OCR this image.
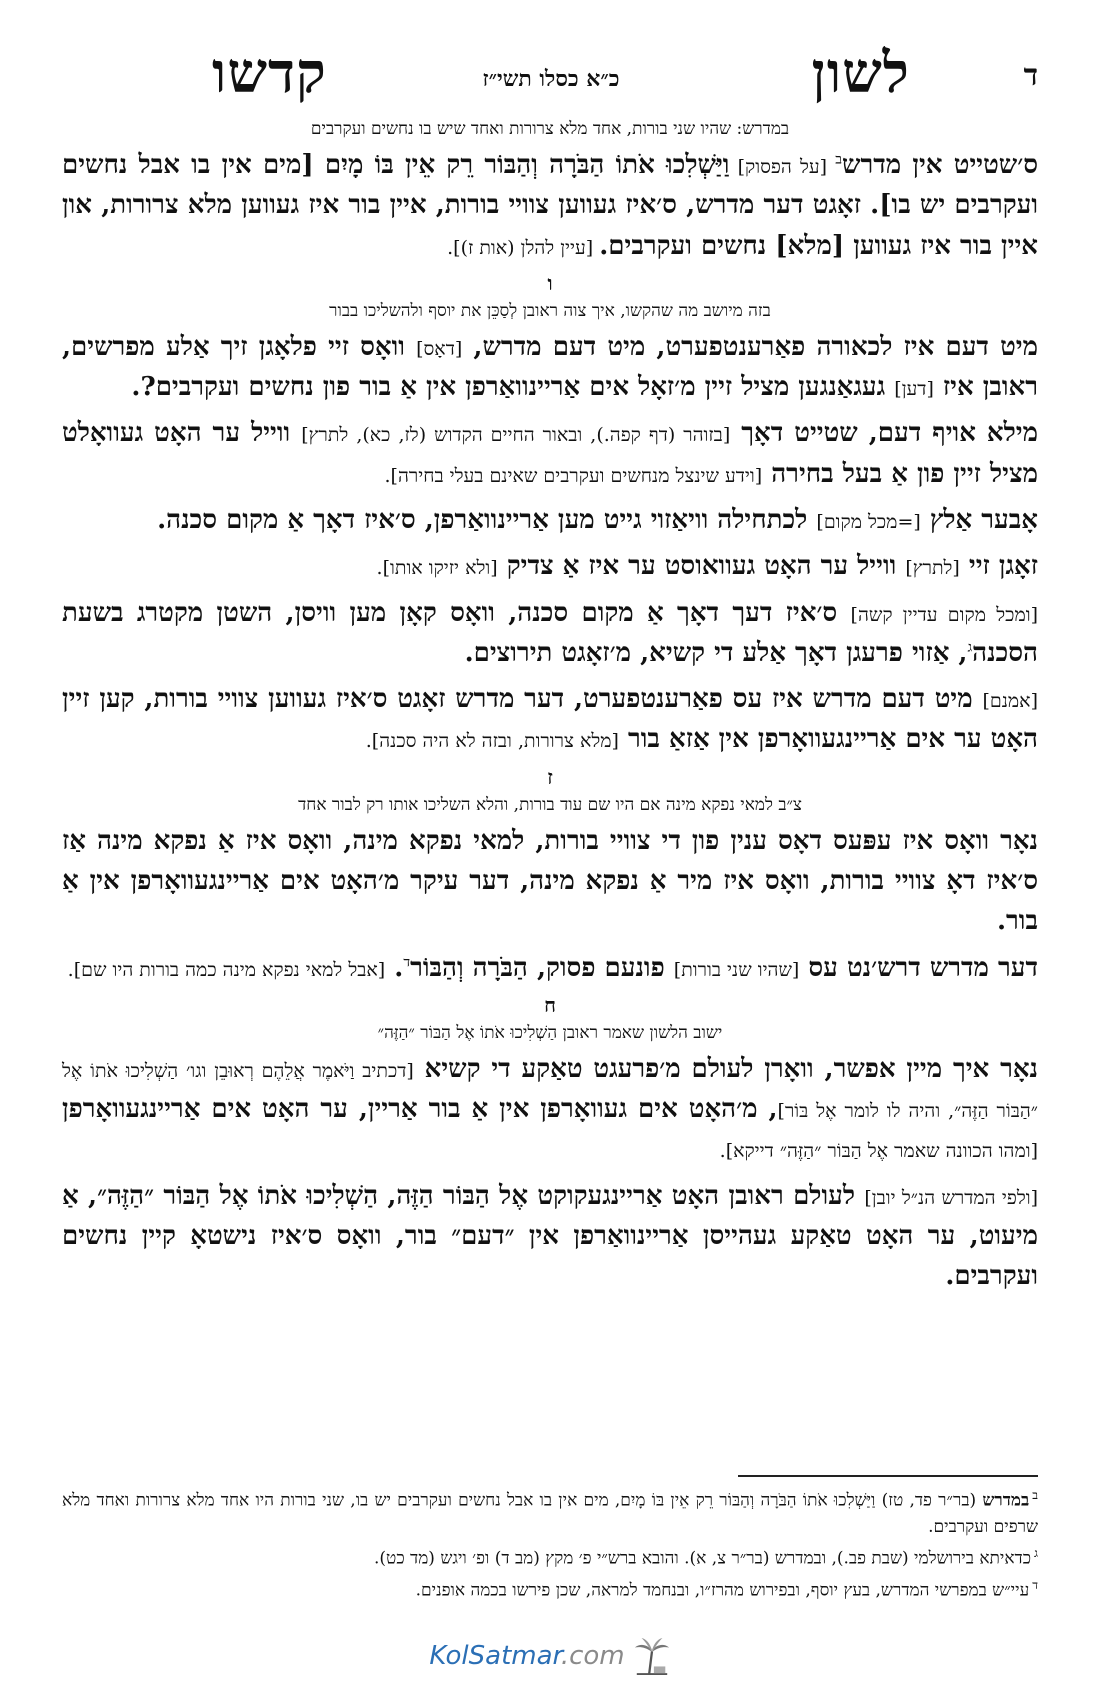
ד
לשון
כ״א כסלו תשי״ז
קדשו
במדרש: שהיו שני בורות, אחד מלא צרורות ואחד שיש בו נחשים ועקרבים

ס׳שטייט אין מדרש$^ב$ [על הפסוק] וַיַּשְׁלִכוּ אֹתוֹ הַבֹּרָה וְהַבּוֹר רֵק אֵין בּוֹ מָיִם [מים אין בו אבל נחשים ועקרבים יש בו]. זאָגט דער מדרש, ס׳איז געווען צוויי בורות, איין בור איז געווען מלא צרורות, און איין בור איז געווען [מלא] נחשים ועקרבים. [עיין להלן (אות ז)].

ו
בזה מיושב מה שהקשו, איך צוה ראובן לְסַכֵּן את יוסף ולהשליכו בבור

מיט דעם איז לכאורה פאַרענטפערט, מיט דעם מדרש, [דאָס] וואָס זיי פלאָגן זיך אַלע מפרשים, ראובן איז [דען] געגאַנגען מציל זיין מ׳זאָל אים אַריינוואַרפן אין אַ בור פון נחשים ועקרבים?.

מילא אויף דעם, שטייט דאָך [בזוהר (דף קפה.), ובאור החיים הקדוש (לז, כא), לתרץ] ווייל ער האָט געוואָלט מציל זיין פון אַ בעל בחירה [וידע שינצל מנחשים ועקרבים שאינם בעלי בחירה].

אָבער אַלץ [=מכל מקום] לכתחילה וויאַזוי גייט מען אַריינוואַרפן, ס׳איז דאָך אַ מקום סכנה.

זאָגן זיי [לתרץ] ווייל ער האָט געוואוסט ער איז אַ צדיק [ולא יזיקו אותו].

[ומכל מקום עדיין קשה] ס׳איז דעך דאָך אַ מקום סכנה, וואָס קאָן מען וויסן, השטן מקטרג בשעת הסכנה$^ג$, אַזוי פרעגן דאָך אַלע די קשיא, מ׳זאָגט תירוצים.

[אמנם] מיט דעם מדרש איז עס פאַרענטפערט, דער מדרש זאָגט ס׳איז געווען צוויי בורות, קען זיין האָט ער אים אַריינגעוואָרפן אין אַזאַ בור [מלא צרורות, ובזה לא היה סכנה].

ז
צ״ב למאי נפקא מינה אם היו שם עוד בורות, והלא השליכו אותו רק לבור אחד

נאָר וואָס איז עפּעס דאָס ענין פון די צוויי בורות, למאי נפקא מינה, וואָס איז אַ נפקא מינה אַז ס׳איז דאָ צוויי בורות, וואָס איז מיר אַ נפקא מינה, דער עיקר מ׳האָט אים אַריינגעוואָרפן אין אַ בור.

דער מדרש דרש׳נט עס [שהיו שני בורות] פונעם פסוק, הַבֹּרָה וְהַבּוֹר$^ד$. [אבל למאי נפקא מינה כמה בורות היו שם].

ח
ישוב הלשון שאמר ראובן הַשְׁלִיכוּ אֹתוֹ אֶל הַבּוֹר ״הַזֶּה״

נאָר איך מיין אפשר, וואָרן לעולם מ׳פרעגט טאַקע די קשיא [דכתיב וַיֹּאמֶר אֲלֵהֶם רְאוּבֵן וגו׳ הַשְׁלִיכוּ אֹתוֹ אֶל ״הַבּוֹר הַזֶּה״, והיה לו לומר אֶל בּוֹר], מ׳האָט אים געוואָרפן אין אַ בור אַריין, ער האָט אים אַריינגעוואָרפן [ומהו הכוונה שאמר אֶל הַבּוֹר ״הַזֶּה״ דייקא].

[ולפי המדרש הנ״ל יובן] לעולם ראובן האָט אַריינגעקוקט אֶל הַבּוֹר הַזֶּה, הַשְׁלִיכוּ אֹתוֹ אֶל הַבּוֹר ״הַזֶּה״, אַ מיעוט, ער האָט טאַקע געהייסן אַריינוואַרפן אין ״דעם״ בור, וואָס ס׳איז נישטאָ קיין נחשים ועקרבים.

$^ב$במדרש (בר״ר פד, טז) וַיַּשְׁלִכוּ אֹתוֹ הַבֹּרָה וְהַבּוֹר רֵק אֵין בּוֹ מָיִם, מים אין בו אבל נחשים ועקרבים יש בו, שני בורות היו אחד מלא צרורות ואחד מלא שרפים ועקרבים.
$^ג$כדאיתא בירושלמי (שבת פב.), ובמדרש (בר״ר צ, א). והובא ברש״י פ׳ מקץ (מב ד) ופ׳ ויגש (מד כט).
$^ד$עיי״ש במפרשי המדרש, בעץ יוסף, ובפירוש מהרז״ו, ובנחמד למראה, שכן פירשו בכמה אופנים.
KolSatmar.com
